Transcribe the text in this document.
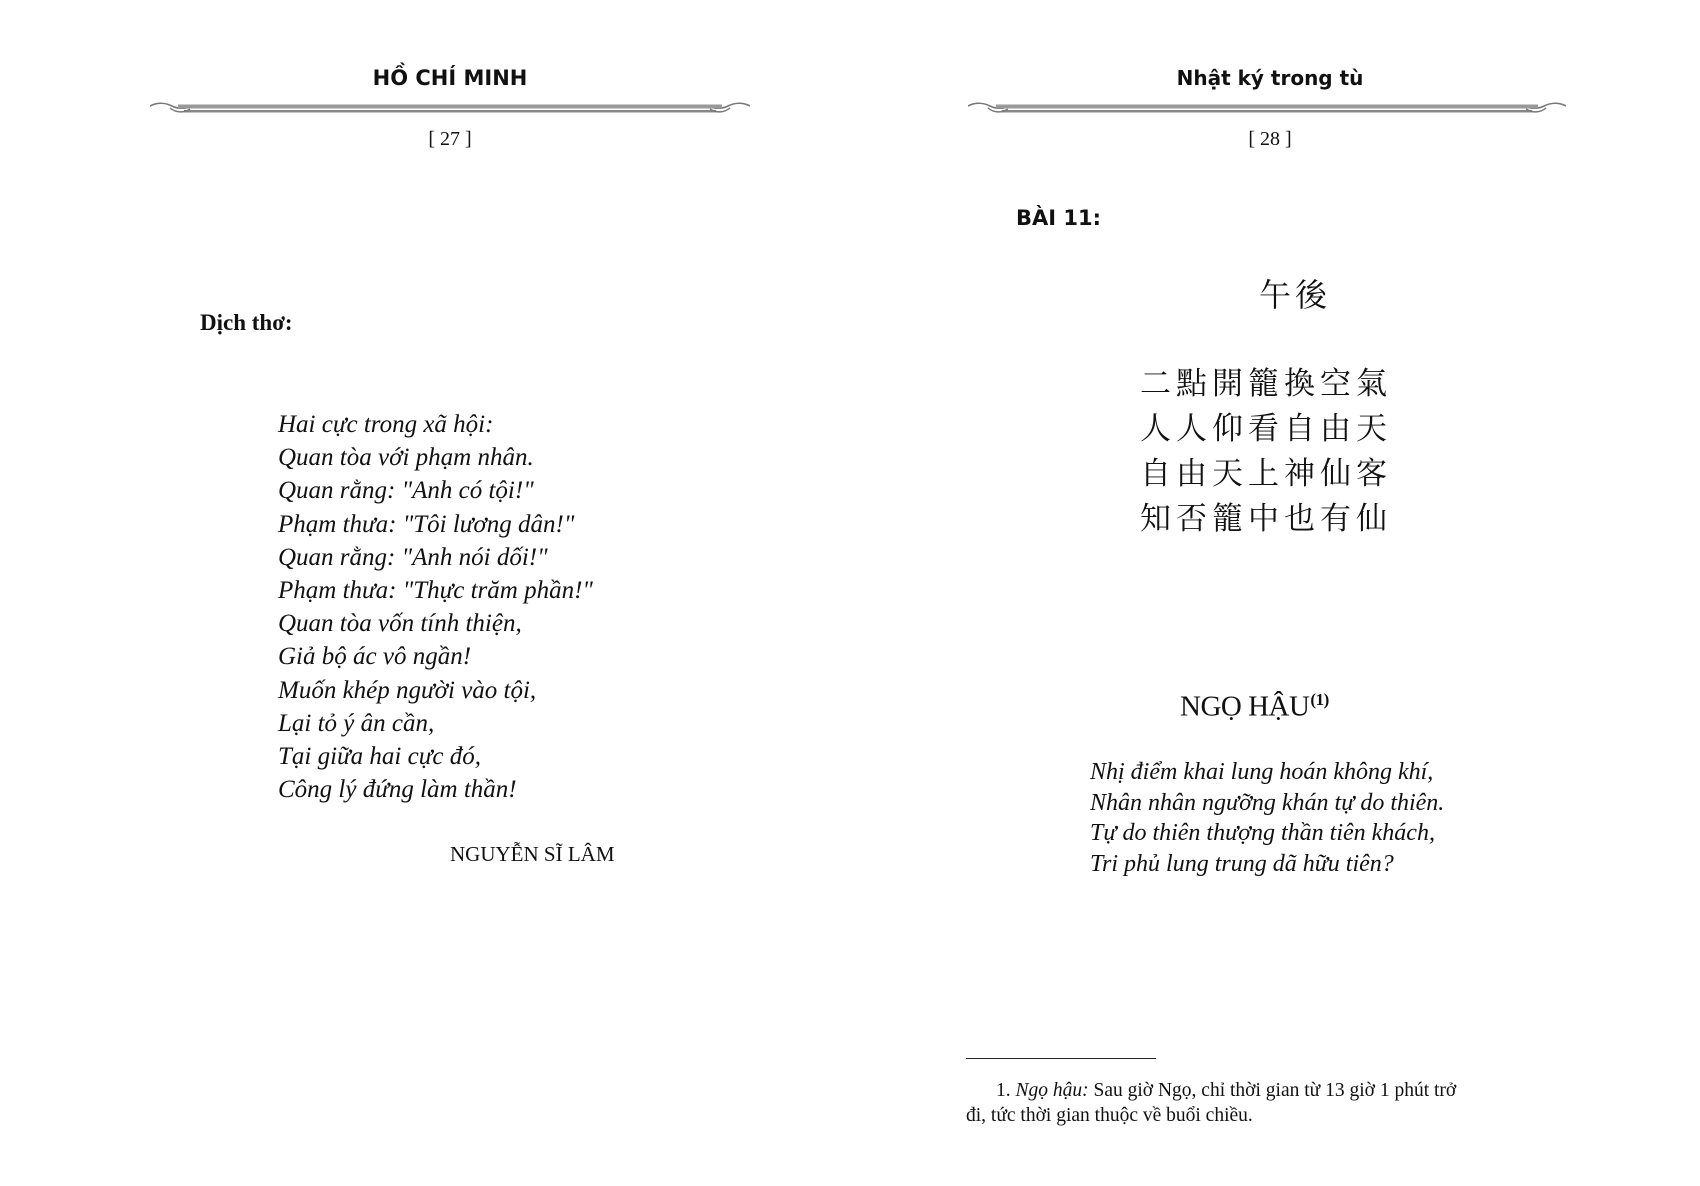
HỒ CHÍ MINH
[ 27 ]
Dịch thơ:
Hai cực trong xã hội:
Quan tòa với phạm nhân.
Quan rằng: "Anh có tội!"
Phạm thưa: "Tôi lương dân!"
Quan rằng: "Anh nói dối!"
Phạm thưa: "Thực trăm phần!"
Quan tòa vốn tính thiện,
Giả bộ ác vô ngần!
Muốn khép người vào tội,
Lại tỏ ý ân cần,
Tại giữa hai cực đó,
Công lý đứng làm thần!
NGUYỄN SĨ LÂM
Nhật ký trong tù
[ 28 ]
BÀI 11:
午後
二點開籠換空氣
人人仰看自由天
自由天上神仙客
知否籠中也有仙
NGỌ HẬU$^{(1)}$
Nhị điểm khai lung hoán không khí,
Nhân nhân ngưỡng khán tự do thiên.
Tự do thiên thượng thần tiên khách,
Tri phủ lung trung dã hữu tiên?
1. Ngọ hậu: Sau giờ Ngọ, chỉ thời gian từ 13 giờ 1 phút trở
đi, tức thời gian thuộc về buổi chiều.
